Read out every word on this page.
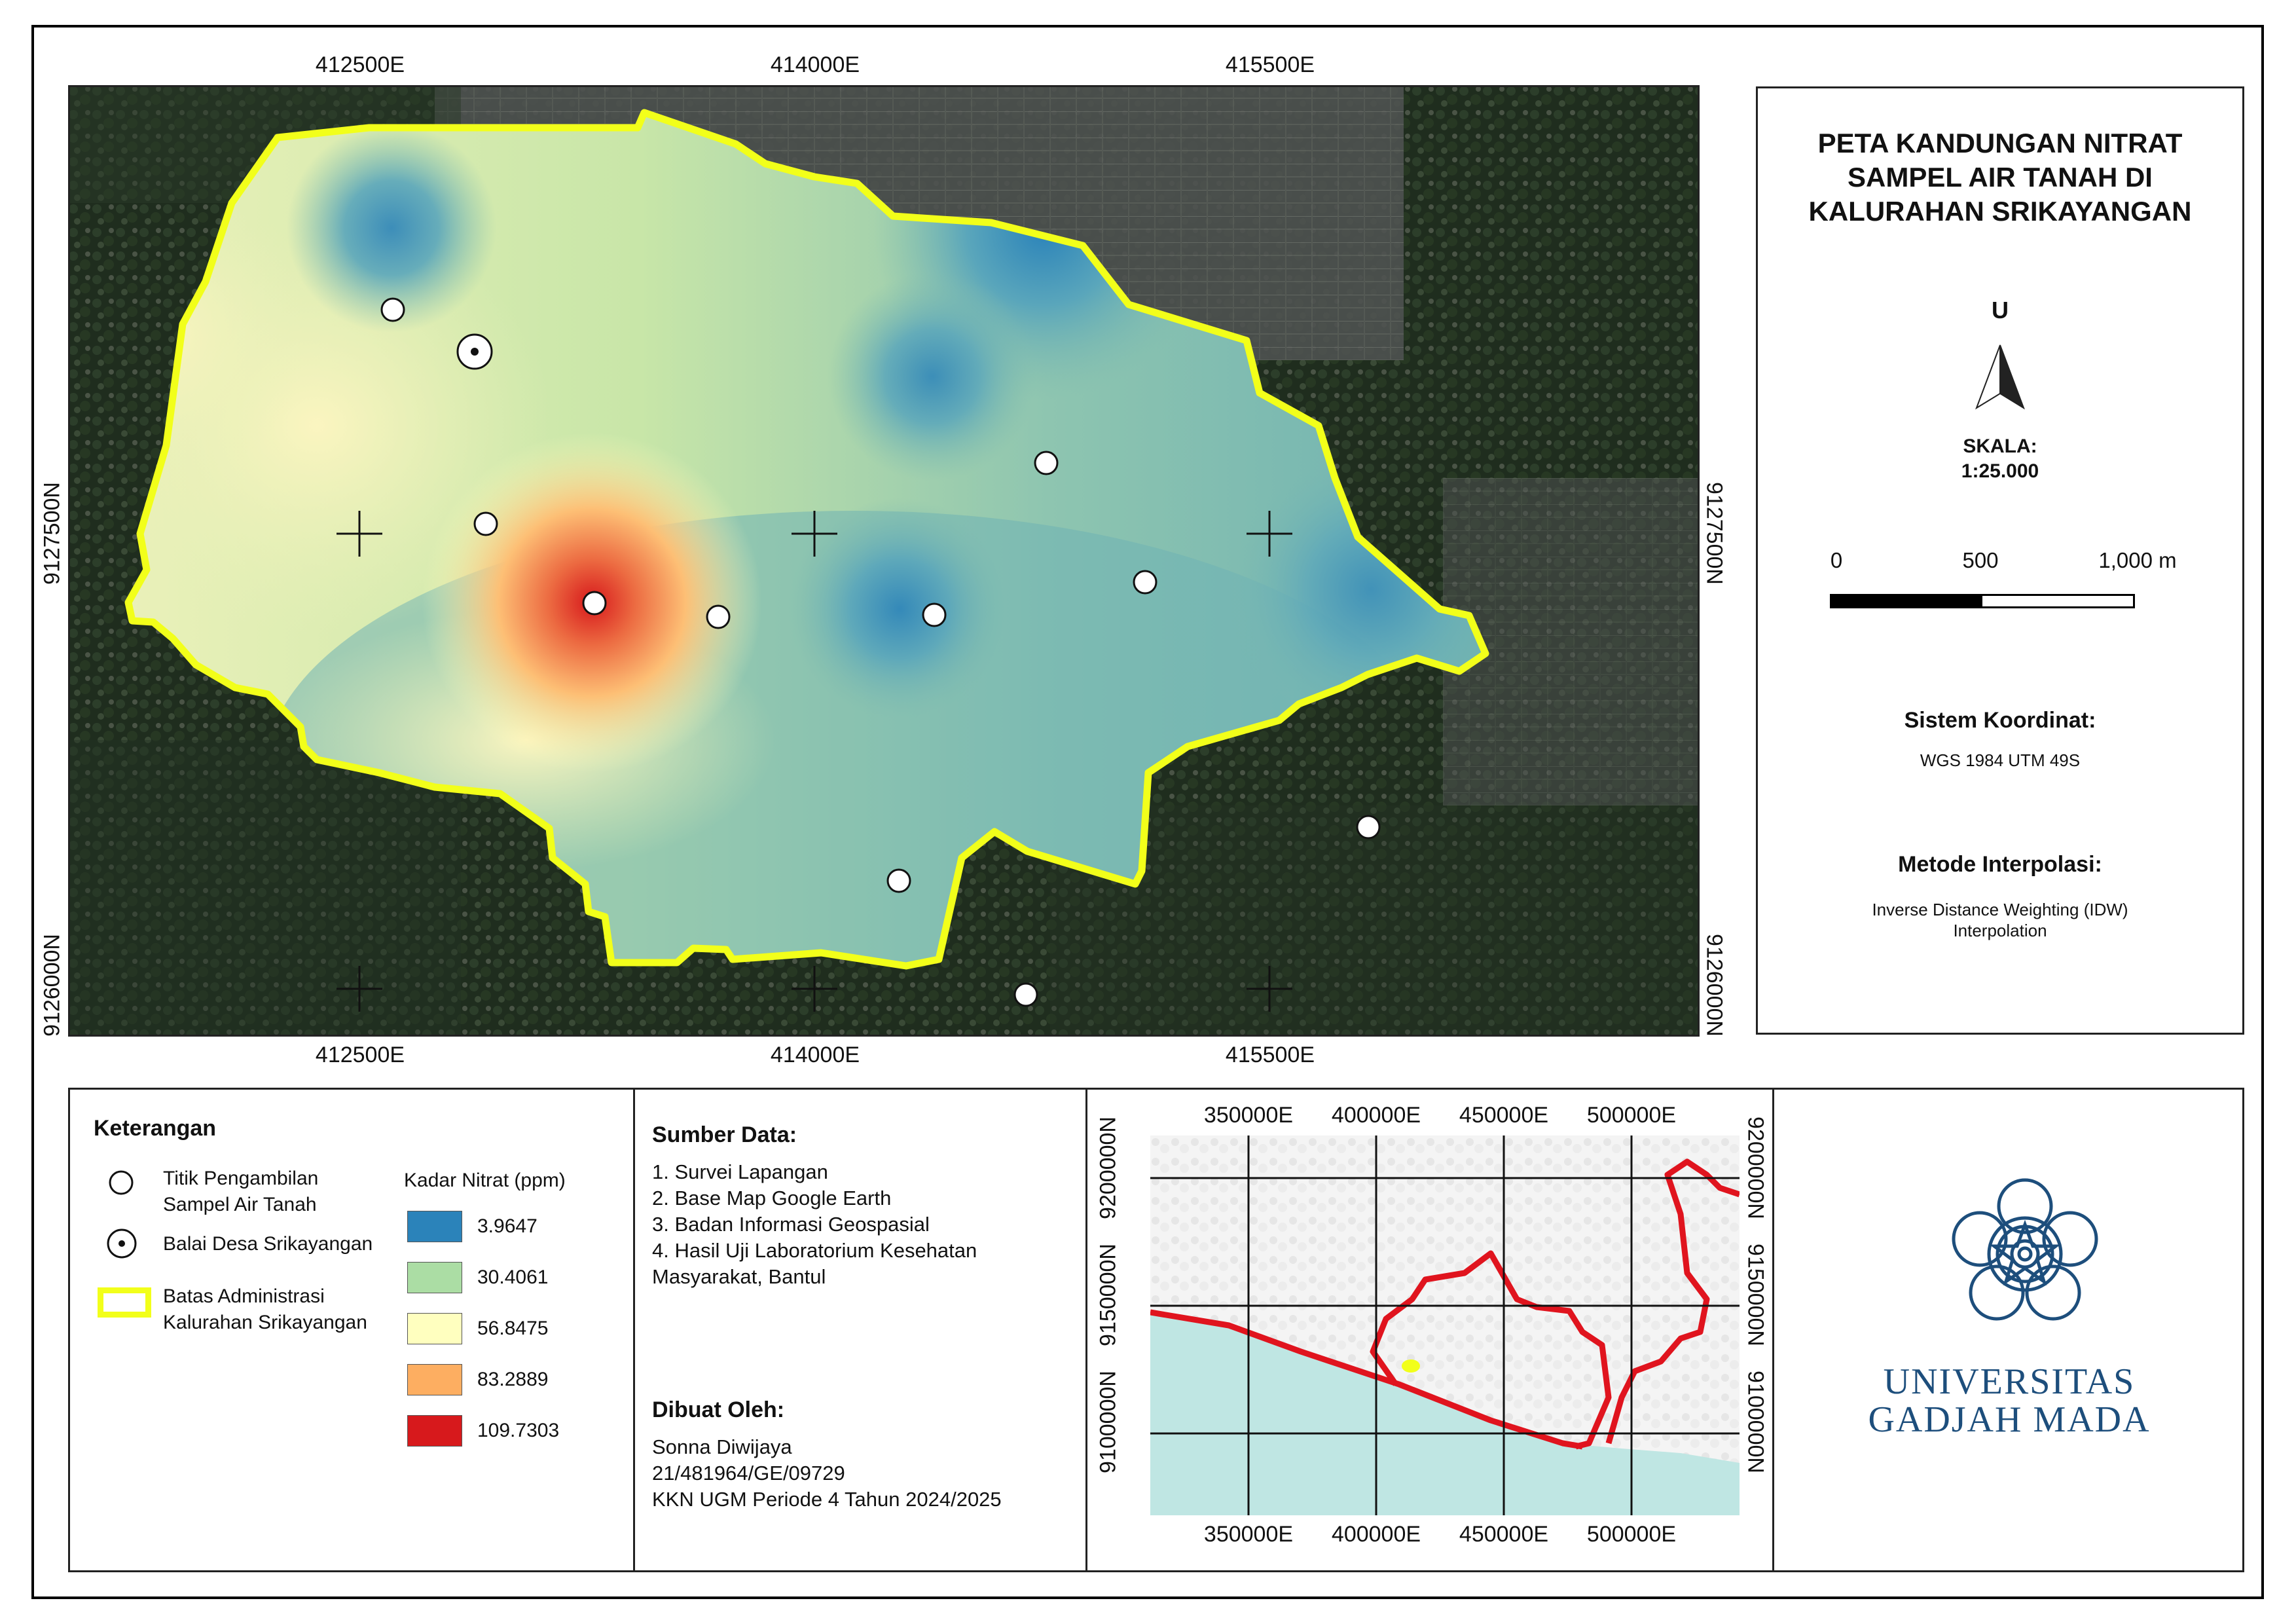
412500E	414000E	415500E
412500E	414000E	415500E
9127500N
9126000N
9127500N
9126000N
PETA KANDUNGAN NITRAT
SAMPEL AIR TANAH DI
KALURAHAN SRIKAYANGAN
U
SKALA:
1:25.000
0	500	1,000 m
Sistem Koordinat:
WGS 1984 UTM 49S
Metode Interpolasi:
Inverse Distance Weighting (IDW)
Interpolation
Keterangan
Titik Pengambilan
Sampel Air Tanah
Balai Desa Srikayangan
Batas Administrasi
Kalurahan Srikayangan
Kadar Nitrat (ppm)
3.9647
30.4061
56.8475
83.2889
109.7303
Sumber Data:
1. Survei Lapangan
2. Base Map Google Earth
3. Badan Informasi Geospasial
4. Hasil Uji Laboratorium Kesehatan
Masyarakat, Bantul
Dibuat Oleh:
Sonna Diwijaya
21/481964/GE/09729
KKN UGM Periode 4 Tahun 2024/2025
350000E	400000E	450000E	500000E
350000E	400000E	450000E	500000E
9100000N
9150000N
9200000N	9200000N
9150000N
9100000N	UNIVERSITAS
GADJAH MADA
